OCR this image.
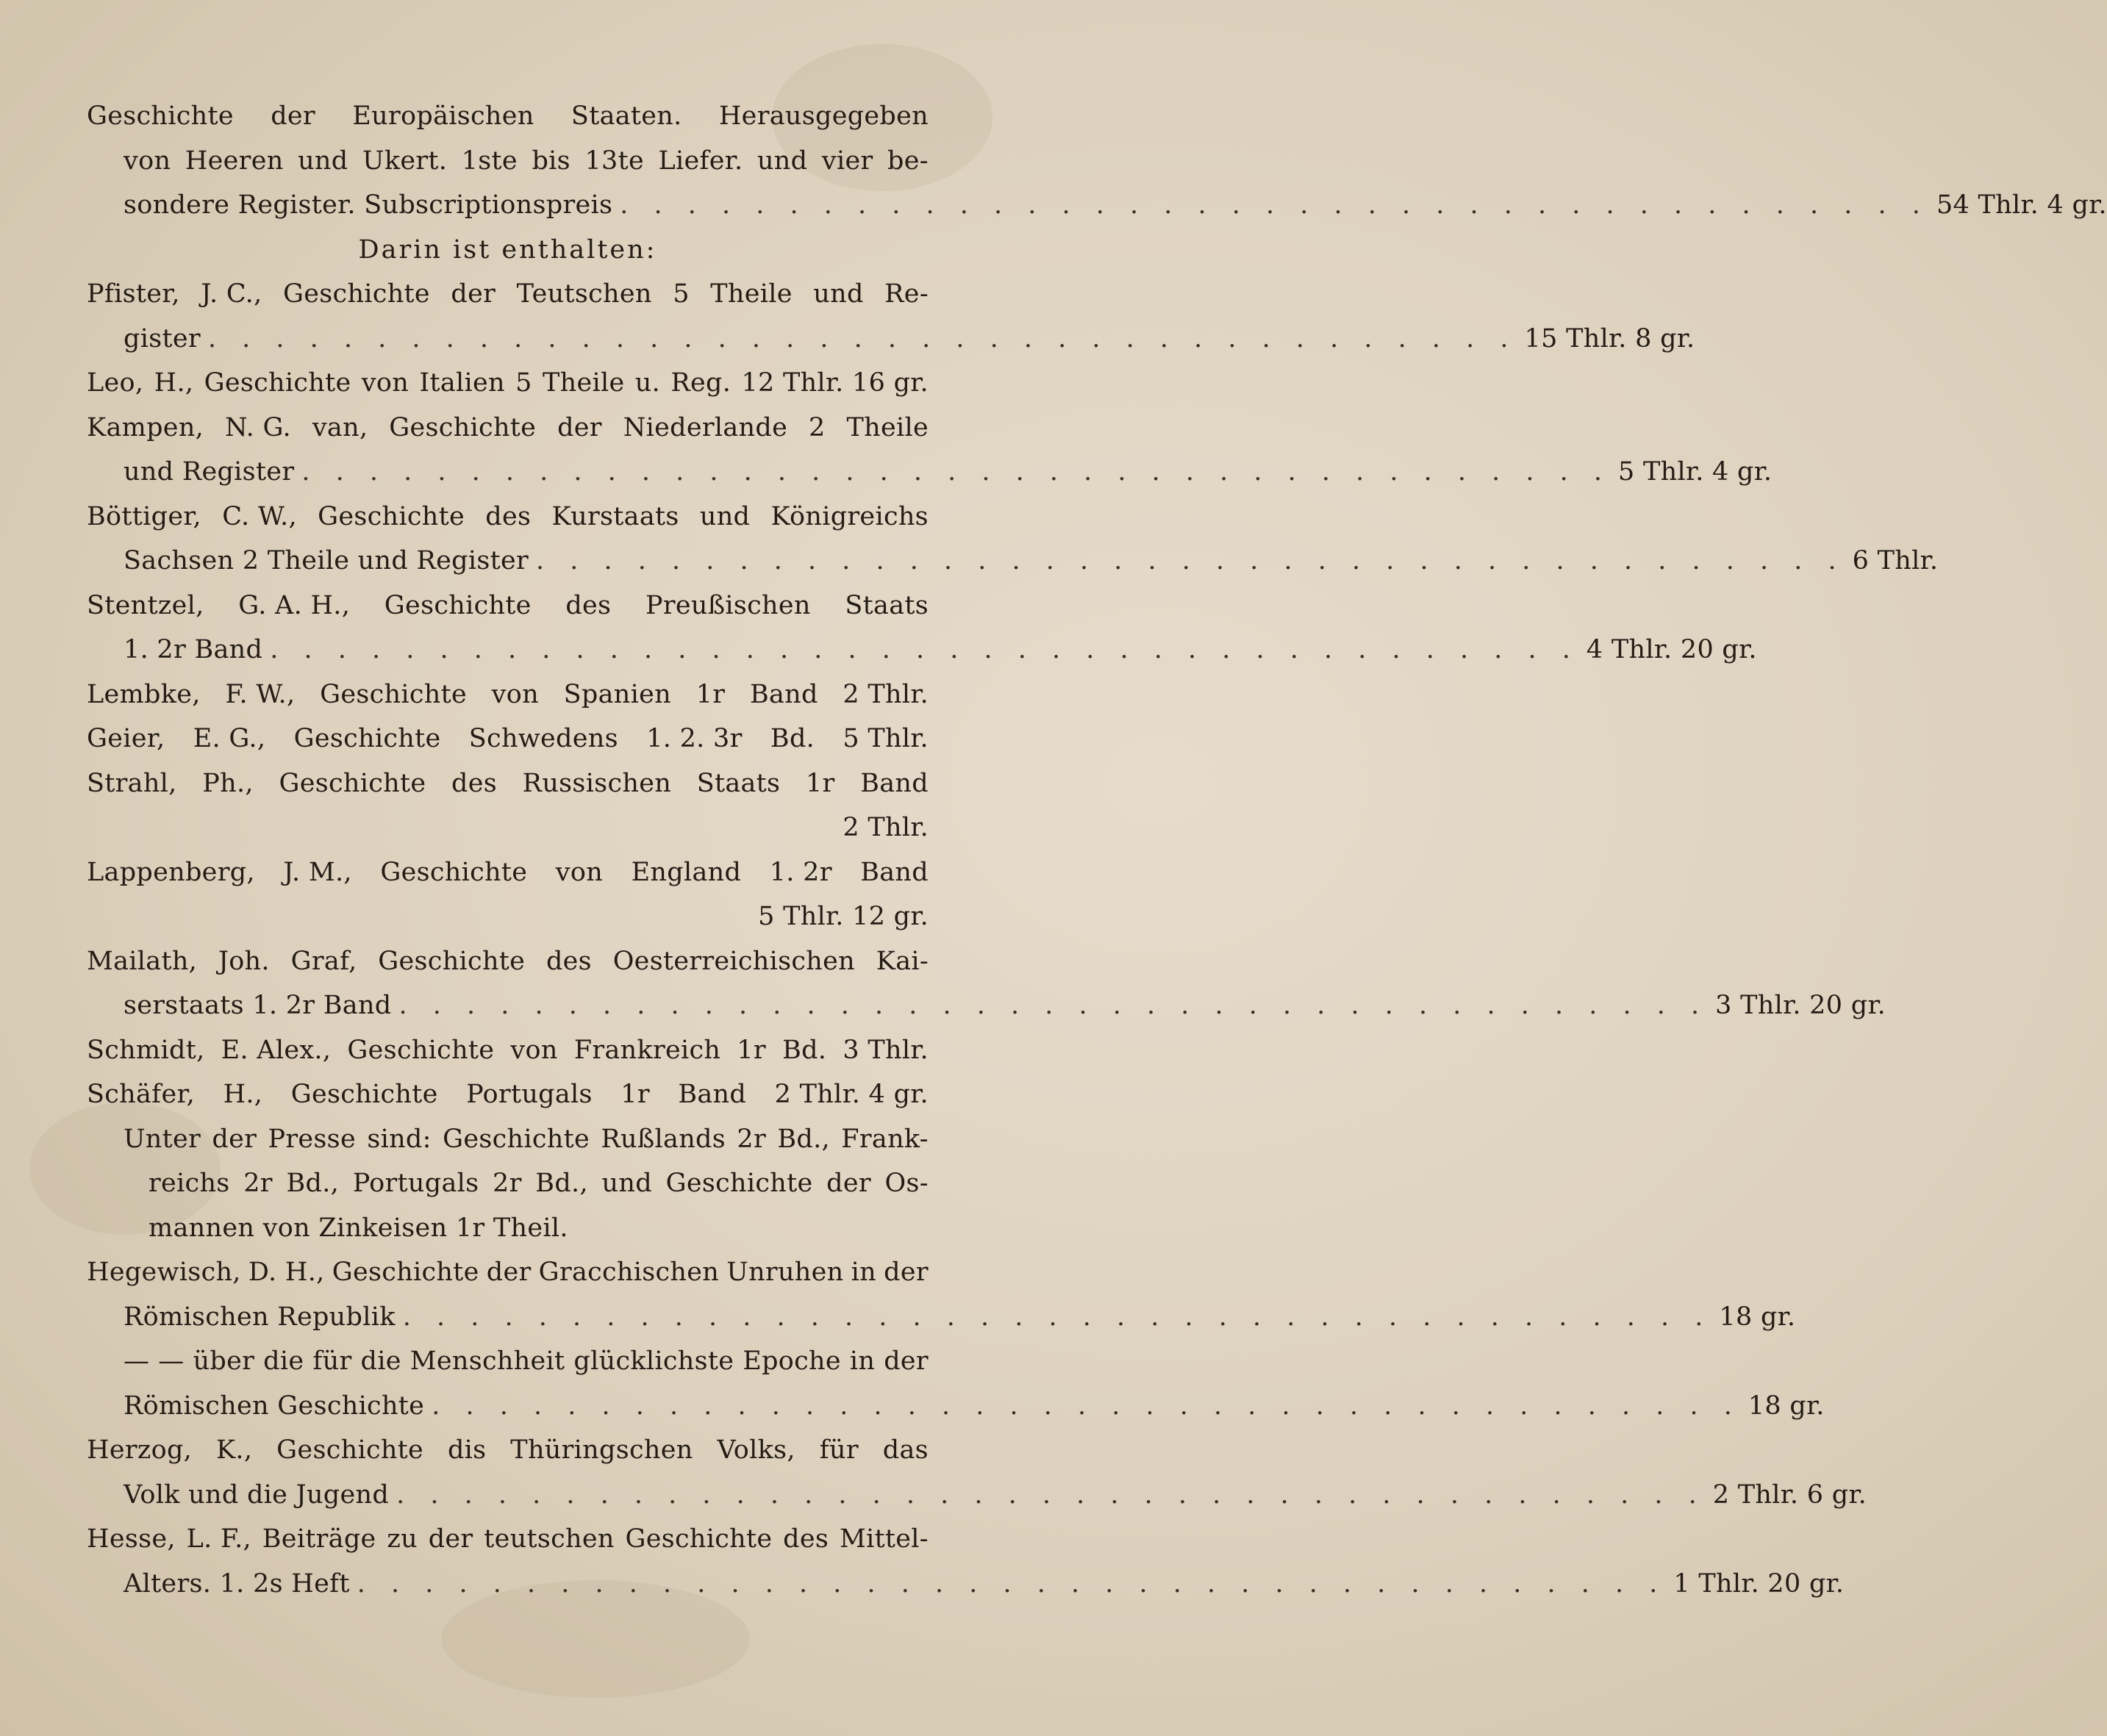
Geschichte der Europäischen Staaten. Herausgegeben
von Heeren und Ukert. 1ste bis 13te Liefer. und vier be-
sondere Register. Subscriptionspreis . . . . . . . . . . . . . . . . . . . . . . . . . . . . . . . . . . . . . . . 54 Thlr. 4 gr.
Darin ist enthalten:
Pfister, J. C., Geschichte der Teutschen 5 Theile und Re-
gister . . . . . . . . . . . . . . . . . . . . . . . . . . . . . . . . . . . . . . . 15 Thlr. 8 gr.
Leo, H., Geschichte von Italien 5 Theile u. Reg. 12 Thlr. 16 gr.
Kampen, N. G. van, Geschichte der Niederlande 2 Theile
und Register . . . . . . . . . . . . . . . . . . . . . . . . . . . . . . . . . . . . . . . 5 Thlr. 4 gr.
Böttiger, C. W., Geschichte des Kurstaats und Königreichs
Sachsen 2 Theile und Register . . . . . . . . . . . . . . . . . . . . . . . . . . . . . . . . . . . . . . . 6 Thlr.
Stentzel, G. A. H., Geschichte des Preußischen Staats
1. 2r Band . . . . . . . . . . . . . . . . . . . . . . . . . . . . . . . . . . . . . . . 4 Thlr. 20 gr.
Lembke, F. W., Geschichte von Spanien 1r Band 2 Thlr.
Geier, E. G., Geschichte Schwedens 1. 2. 3r Bd. 5 Thlr.
Strahl, Ph., Geschichte des Russischen Staats 1r Band
2 Thlr.
Lappenberg, J. M., Geschichte von England 1. 2r Band
5 Thlr. 12 gr.
Mailath, Joh. Graf, Geschichte des Oesterreichischen Kai-
serstaats 1. 2r Band . . . . . . . . . . . . . . . . . . . . . . . . . . . . . . . . . . . . . . . 3 Thlr. 20 gr.
Schmidt, E. Alex., Geschichte von Frankreich 1r Bd. 3 Thlr.
Schäfer, H., Geschichte Portugals 1r Band 2 Thlr. 4 gr.
Unter der Presse sind: Geschichte Rußlands 2r Bd., Frank-
reichs 2r Bd., Portugals 2r Bd., und Geschichte der Os-
mannen von Zinkeisen 1r Theil.
Hegewisch, D. H., Geschichte der Gracchischen Unruhen in der
Römischen Republik . . . . . . . . . . . . . . . . . . . . . . . . . . . . . . . . . . . . . . . 18 gr.
— — über die für die Menschheit glücklichste Epoche in der
Römischen Geschichte . . . . . . . . . . . . . . . . . . . . . . . . . . . . . . . . . . . . . . . 18 gr.
Herzog, K., Geschichte dis Thüringschen Volks, für das
Volk und die Jugend . . . . . . . . . . . . . . . . . . . . . . . . . . . . . . . . . . . . . . . 2 Thlr. 6 gr.
Hesse, L. F., Beiträge zu der teutschen Geschichte des Mittel-
Alters. 1. 2s Heft . . . . . . . . . . . . . . . . . . . . . . . . . . . . . . . . . . . . . . . 1 Thlr. 20 gr.
